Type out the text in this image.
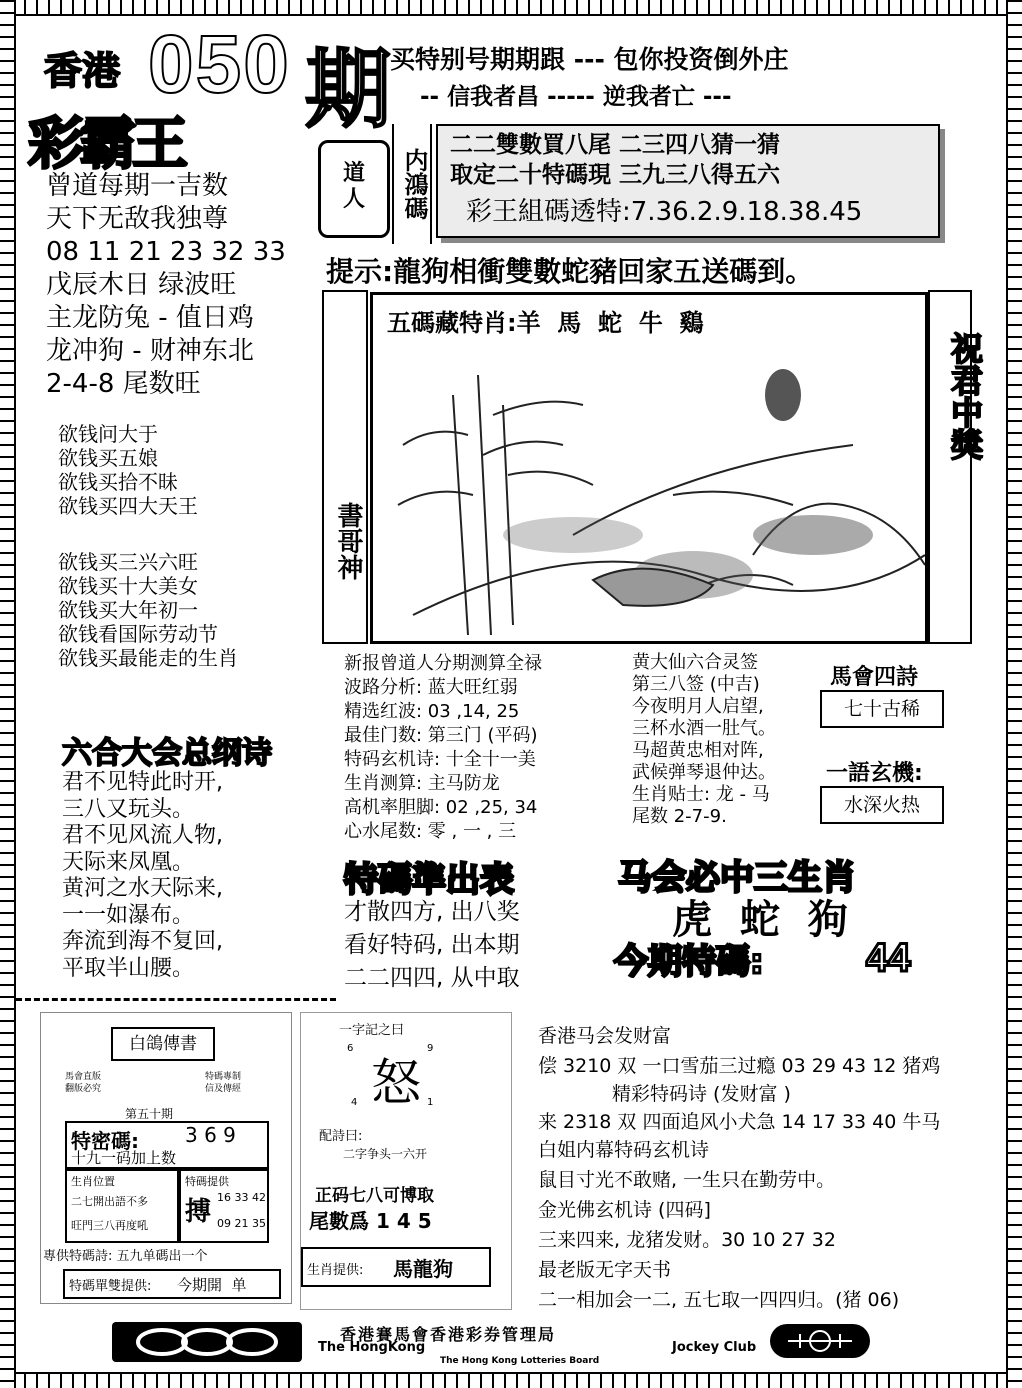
香港 050 期 买特别号期期跟 --- 包你投资倒外庄
-- 信我者昌 ----- 逆我者亡 ---
彩霸王
曾道每期一吉数
天下无敌我独尊
08 11 21 23 32 33
戊辰木日 绿波旺
主龙防兔 - 值日鸡
龙冲狗 - 财神东北
2-4-8 尾数旺
欲钱问大于
欲钱买五娘
欲钱买拾不昧
欲钱买四大天王
欲钱买三兴六旺
欲钱买十大美女
欲钱买大年初一
欲钱看国际劳动节
欲钱买最能走的生肖
六合大会总纲诗
君不见特此时开,
三八又玩头。
君不见风流人物,
天际来凤凰。
黄河之水天际来,
一一如瀑布。
奔流到海不复回,
平取半山腰。
道人	内鴻碼
二二雙數買八尾 二三四八猜一猜
取定二十特碼現 三九三八得五六
彩王組碼透特:7.36.2.9.18.38.45
提示:龍狗相衝雙數蛇豬回家五送碼到。
書哥神
五碼藏特肖:羊  馬  蛇  牛  鷄
祝君中獎
新报曾道人分期测算全禄
波路分析: 蓝大旺红弱
精选红波: 03 ,14, 25
最佳门数: 第三门 (平码)
特码玄机诗: 十全十一美
生肖测算: 主马防龙
高机率胆脚: 02 ,25, 34
心水尾数: 零 , 一 , 三
黄大仙六合灵签
第三八签 (中吉)
今夜明月人启望,
三杯水酒一肚气。
马超黄忠相对阵,
武候弹琴退仲达。
生肖贴士: 龙 - 马
尾数 2-7-9.
馬會四詩
七十古稀
一語玄機:
水深火热
特碼準出表
才散四方, 出八奖
看好特码, 出本期
二二四四, 从中取
马会必中三生肖
虎  蛇  狗
今期特碼:	44
白鴿傳書
馬會直版
翻版必究
特碼專制
信及傳經
第五十期
特密碼: 3 6 9
十九一码加上数
生肖位置
二七開出語不多
旺門三八再度吼
特碼提供
搏 16 33 42
09 21 35
專供特碼詩: 五九单碼出一个
特碼單雙提供: 今期開  单
一字記之曰
6	9
怒
4	1
配詩曰:
二字争头一六开
正码七八可博取
尾數爲 1 4 5
生肖提供: 馬龍狗
香港马会发财富
偿 3210 双 一口雪茄三过瘾 03 29 43 12 猪鸡
精彩特码诗 (发财富 )
来 2318 双 四面追风小犬急 14 17 33 40 牛马
白姐内幕特码玄机诗
鼠目寸光不敢赌, 一生只在勤劳中。
金光佛玄机诗 (四码]
三来四来, 龙猪发财。30 10 27 32
最老版无字天书
二一相加会一二, 五七取一四四归。(猪 06)
香港賽馬會香港彩券管理局
The HongKong	Jockey Club
The Hong Kong Lotteries Board
